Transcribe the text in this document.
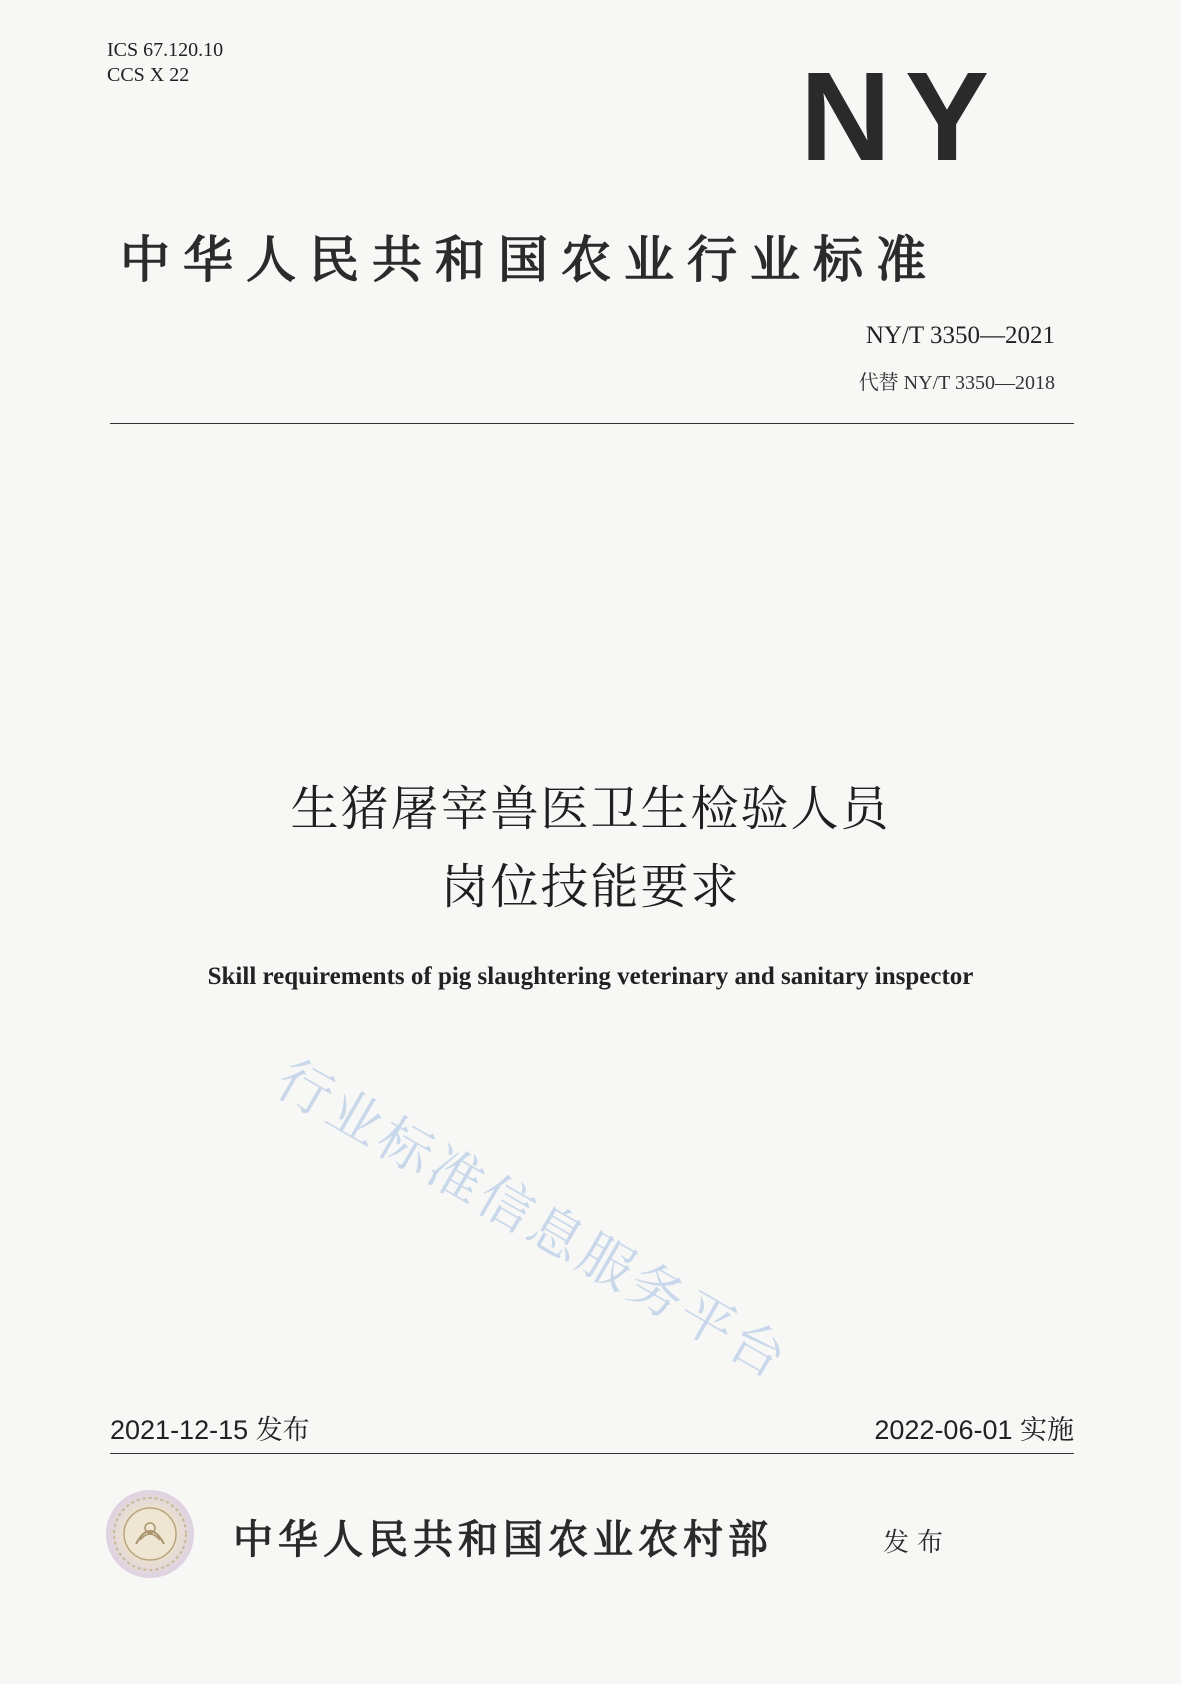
ICS 67.120.10
CCS X 22	NY
中华人民共和国农业行业标准
NY/T 3350—2021
代替 NY/T 3350—2018
生猪屠宰兽医卫生检验人员
岗位技能要求
Skill requirements of pig slaughtering veterinary and sanitary inspector
行业标准信息服务平台
2021-12-15 发布	2022-06-01 实施
中华人民共和国农业农村部	发布
